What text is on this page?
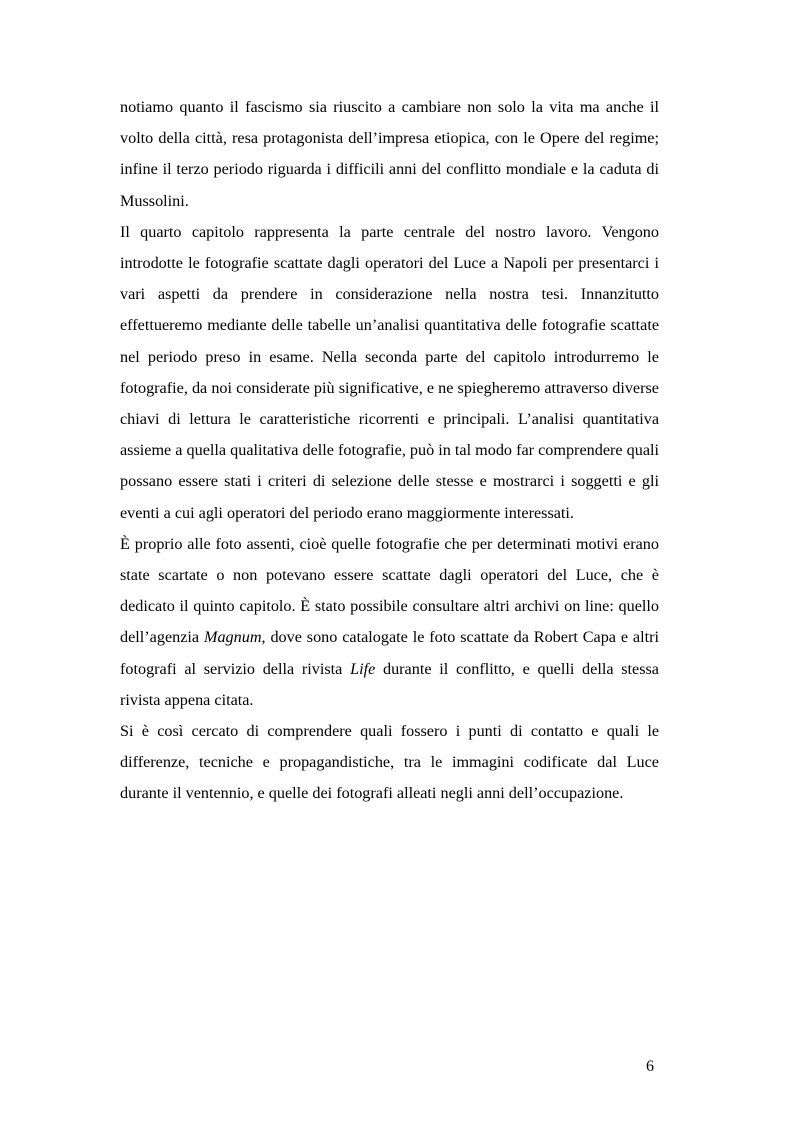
notiamo quanto il fascismo sia riuscito a cambiare non solo la vita ma anche il volto della città, resa protagonista dell’impresa etiopica, con le Opere del regime; infine il terzo periodo riguarda i difficili anni del conflitto mondiale e la caduta di Mussolini.

Il quarto capitolo rappresenta la parte centrale del nostro lavoro. Vengono introdotte le fotografie scattate dagli operatori del Luce a Napoli per presentarci i vari aspetti da prendere in considerazione nella nostra tesi. Innanzitutto effettueremo mediante delle tabelle un’analisi quantitativa delle fotografie scattate nel periodo preso in esame. Nella seconda parte del capitolo introdurremo le fotografie, da noi considerate più significative, e ne spiegheremo attraverso diverse chiavi di lettura le caratteristiche ricorrenti e principali. L’analisi quantitativa assieme a quella qualitativa delle fotografie, può in tal modo far comprendere quali possano essere stati i criteri di selezione delle stesse e mostrarci i soggetti e gli eventi a cui agli operatori del periodo erano maggiormente interessati.

È proprio alle foto assenti, cioè quelle fotografie che per determinati motivi erano state scartate o non potevano essere scattate dagli operatori del Luce, che è dedicato il quinto capitolo. È stato possibile consultare altri archivi on line: quello dell’agenzia Magnum, dove sono catalogate le foto scattate da Robert Capa e altri fotografi al servizio della rivista Life durante il conflitto, e quelli della stessa rivista appena citata.

Si è così cercato di comprendere quali fossero i punti di contatto e quali le differenze, tecniche e propagandistiche, tra le immagini codificate dal Luce durante il ventennio, e quelle dei fotografi alleati negli anni dell’occupazione.

6
